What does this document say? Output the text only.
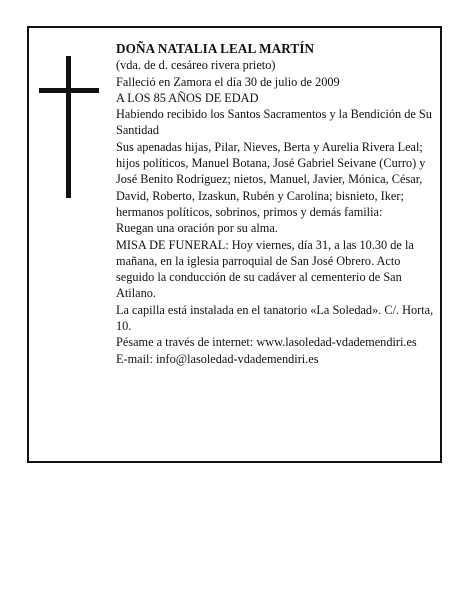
DOÑA NATALIA LEAL MARTÍN

(vda. de d. cesáreo rivera prieto)

Falleció en Zamora el día 30 de julio de 2009

A LOS 85 AÑOS DE EDAD

Habiendo recibido los Santos Sacramentos y la Bendición de Su Santidad

Sus apenadas hijas, Pilar, Nieves, Berta y Aurelia Rivera Leal; hijos políticos, Manuel Botana, José Gabriel Seivane (Curro) y José Benito Rodríguez; nietos, Manuel, Javier, Mónica, César, David, Roberto, Izaskun, Rubén y Carolina; bisnieto, Iker; hermanos políticos, sobrinos, primos y demás familia:

Ruegan una oración por su alma.

MISA DE FUNERAL: Hoy viernes, día 31, a las 10.30 de la mañana, en la iglesia parroquial de San José Obrero. Acto seguido la conducción de su cadáver al cementerio de San Atilano.

La capilla está instalada en el tanatorio «La Soledad». C/. Horta, 10.

Pésame a través de internet: www.lasoledad-vdademendiri.es

E-mail: info@lasoledad-vdademendiri.es
